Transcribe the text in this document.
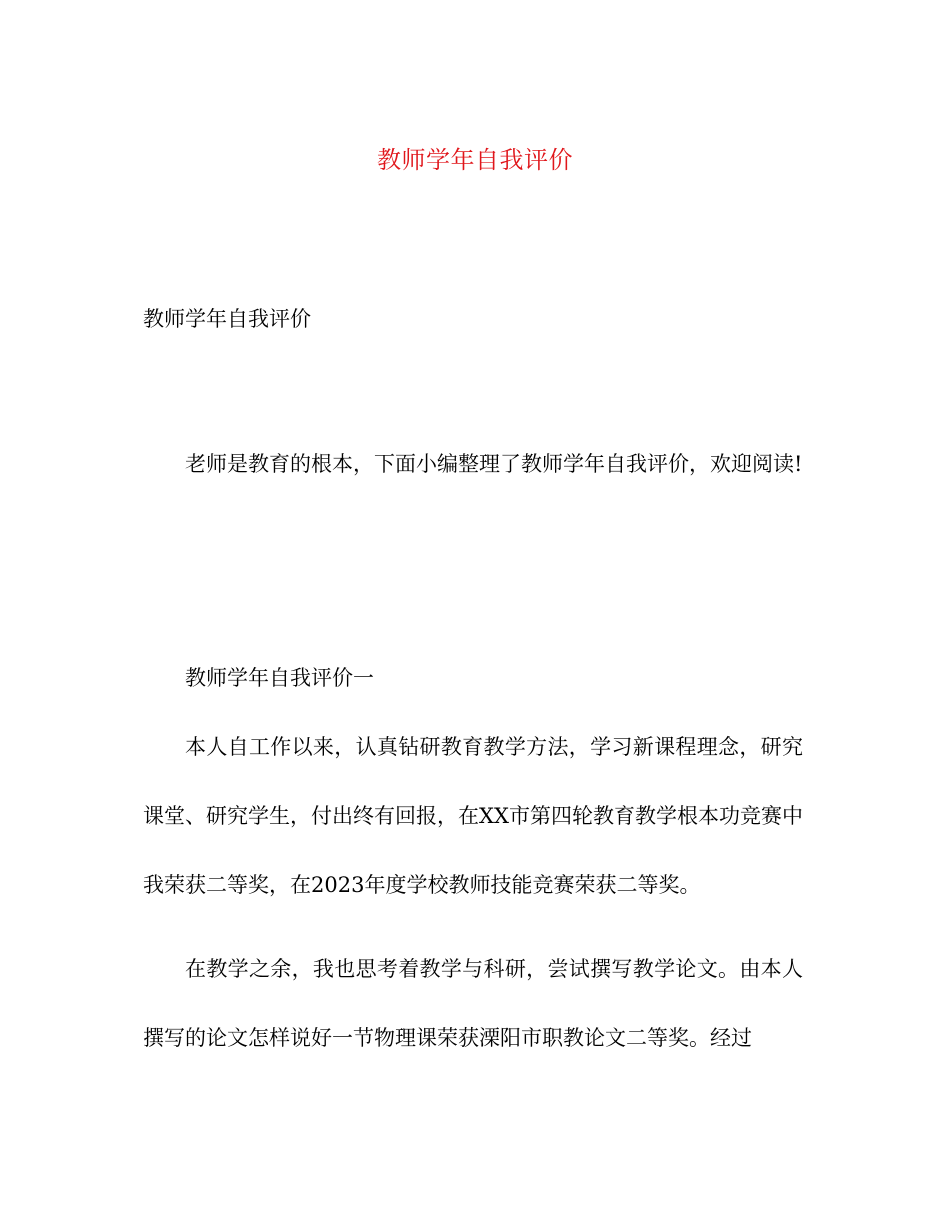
教师学年自我评价

教师学年自我评价

老师是教育的根本，下面小编整理了教师学年自我评价，欢迎阅读!

教师学年自我评价一

本人自工作以来，认真钻研教育教学方法，学习新课程理念，研究课堂、研究学生，付出终有回报，在XX市第四轮教育教学根本功竞赛中我荣获二等奖，在2023年度学校教师技能竞赛荣获二等奖。

在教学之余，我也思考着教学与科研，尝试撰写教学论文。由本人撰写的论文怎样说好一节物理课荣获溧阳市职教论文二等奖。经过
